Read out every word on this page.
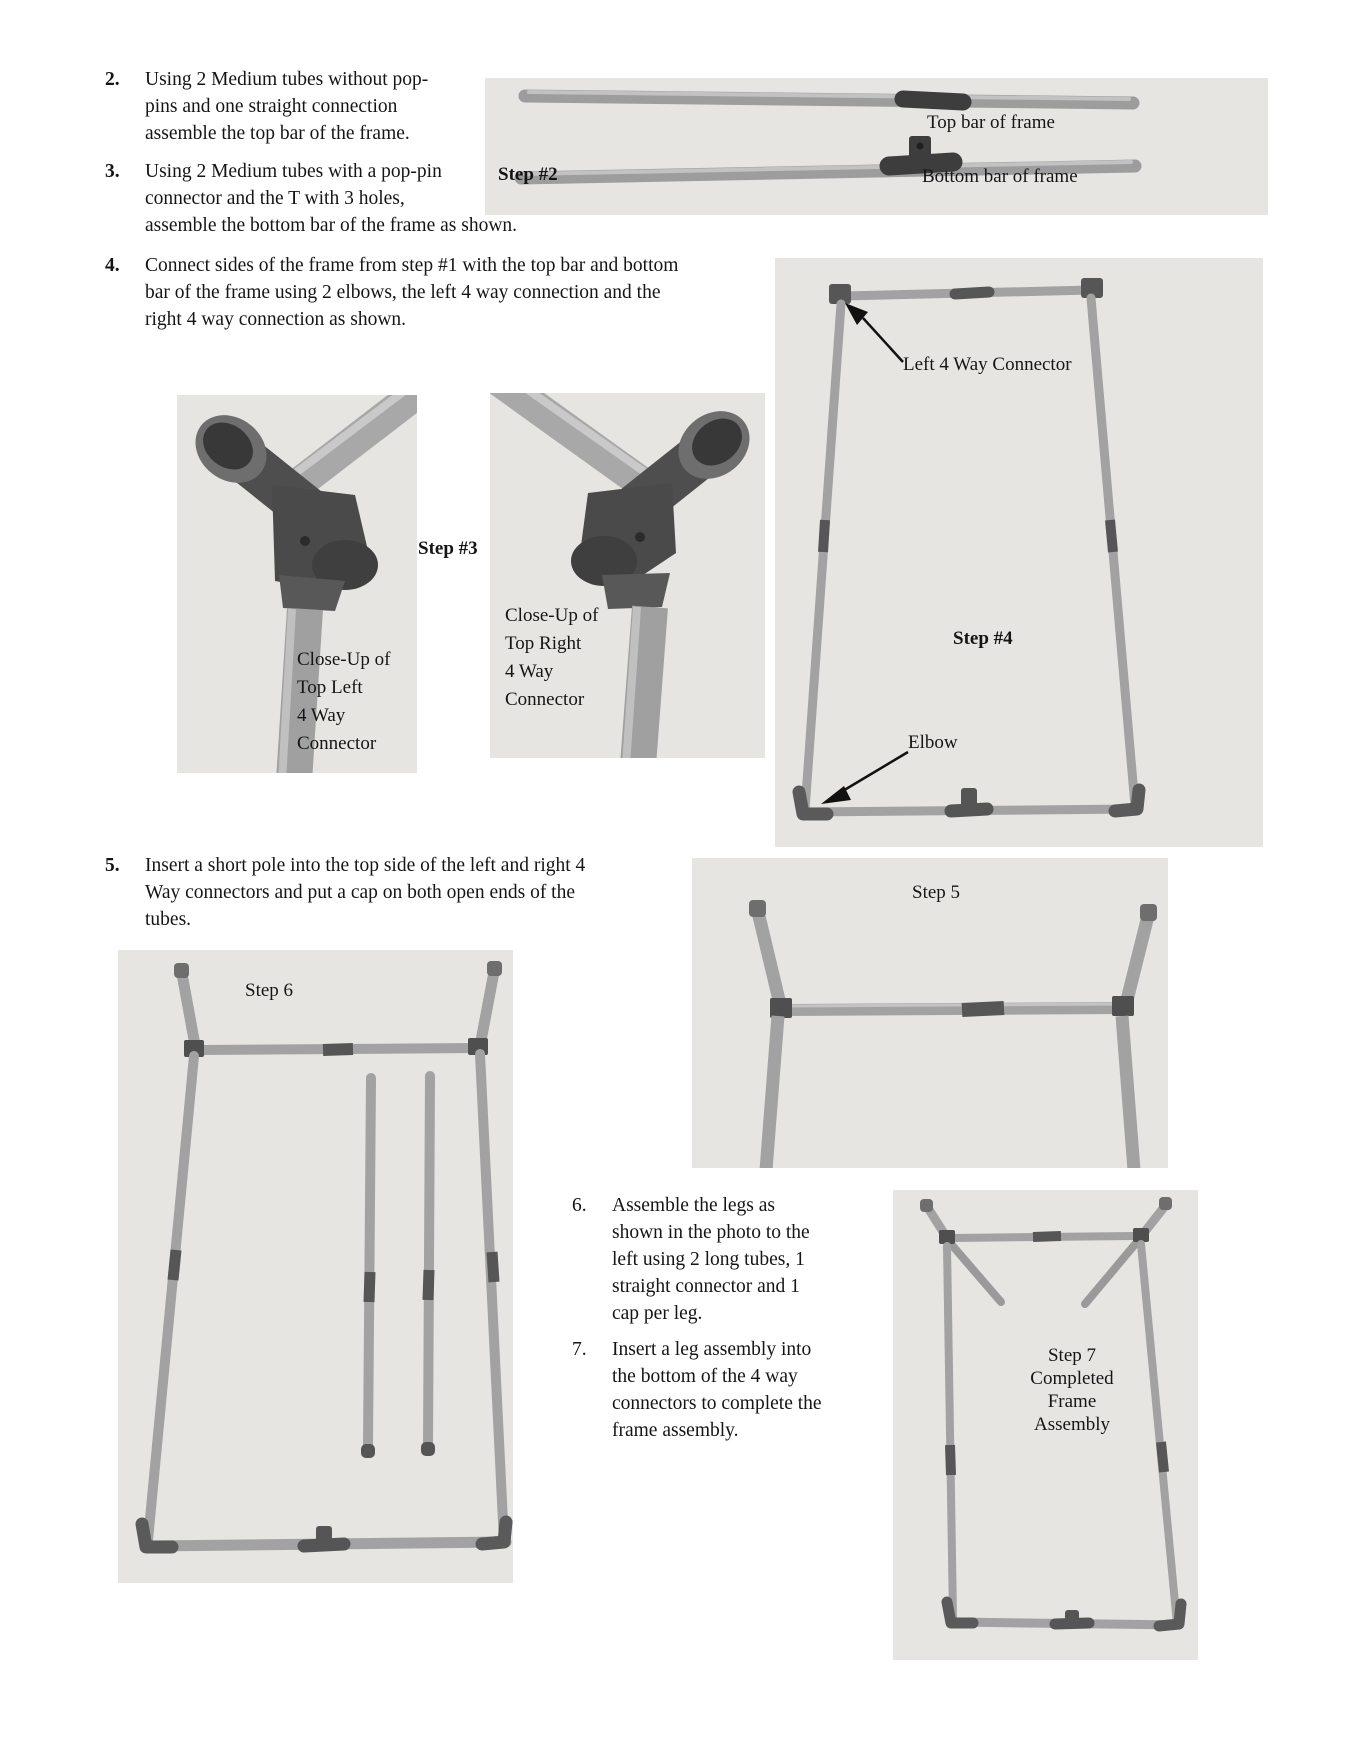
2.	Using 2 Medium tubes without pop-
pins and one straight connection
assemble the top bar of the frame.
3.	Using 2 Medium tubes with a pop-pin
connector and the T with 3 holes,
assemble the bottom bar of the frame as shown.
4.	Connect sides of the frame from step #1 with the top bar and bottom
bar of the frame using 2 elbows, the left 4 way connection and the
right 4 way connection as shown.
5.	Insert a short pole into the top side of the left and right 4
Way connectors and put a cap on both open ends of the
tubes.
6.	Assemble the legs as
shown in the photo to the
left using 2 long tubes, 1
straight connector and 1
cap per leg.
7.	Insert a leg assembly into
the bottom of the 4 way
connectors to complete the
frame assembly.
Top bar of frame
Bottom bar of frame
Step #2
Close-Up of
Top Left
4 Way
Connector
Step #3
Close-Up of
Top Right
4 Way
Connector
Left 4 Way Connector
Step #4
Elbow
Step 5
Step 6
Step 7
Completed
Frame
Assembly
